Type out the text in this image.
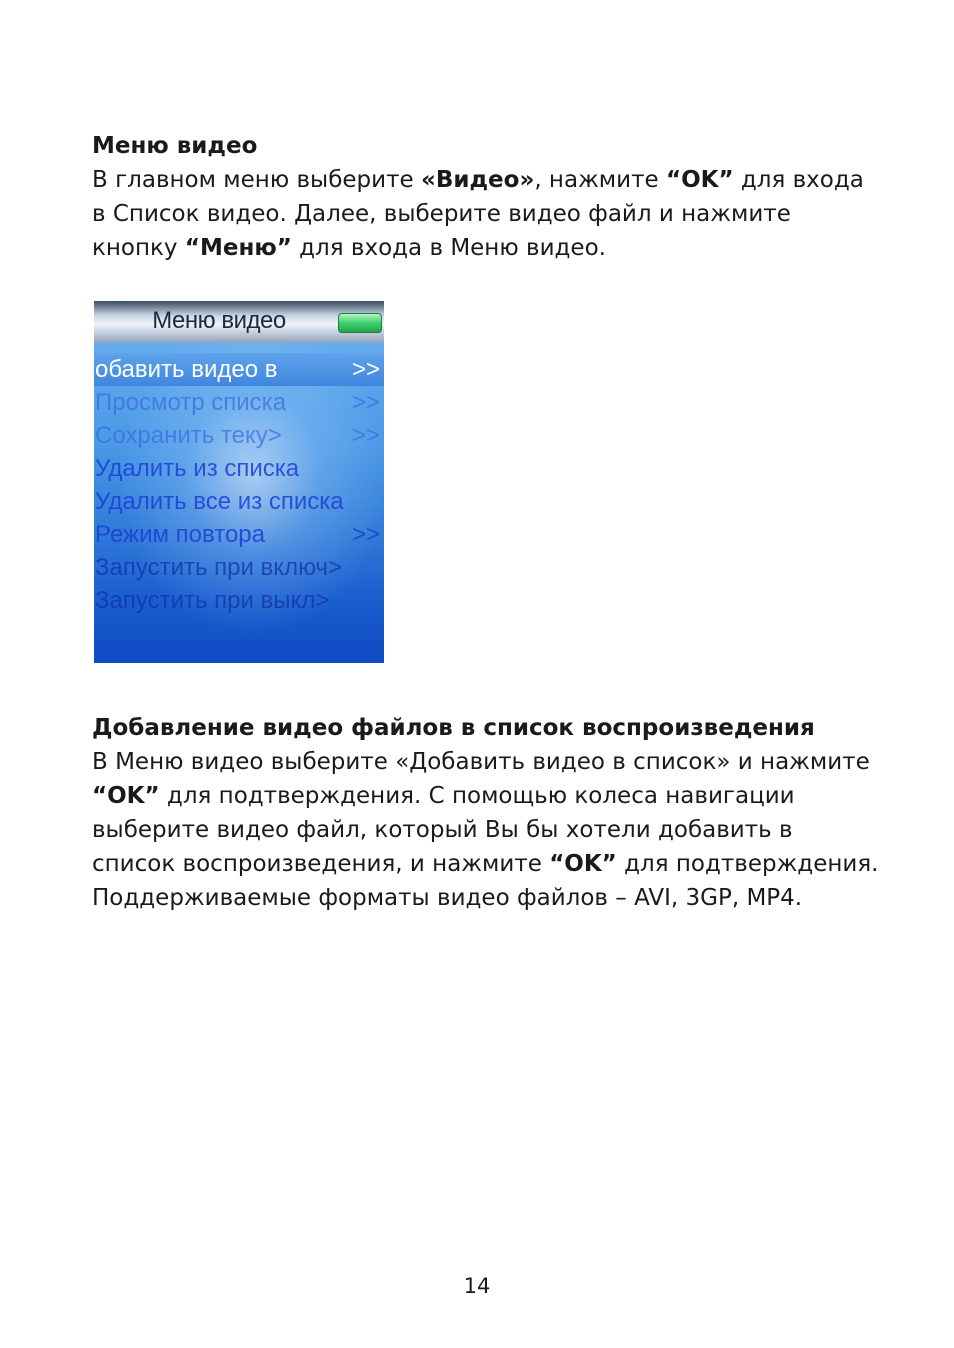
Меню видео

В главном меню выберите «Видео», нажмите “OK” для входа в Список видео. Далее, выберите видео файл и нажмите кнопку “Меню” для входа в Меню видео.

Меню видео
обавить видео в	>>
Просмотр списка	>>
Сохранить теку>	>>
Удалить из списка
Удалить все из списка
Режим повтора	>>
Запустить при включ>
Запустить при выкл>

Добавление видео файлов в список воспроизведения

В Меню видео выберите «Добавить видео в список» и нажмите “OK” для подтверждения. С помощью колеса навигации выберите видео файл, который Вы бы хотели добавить в список воспроизведения, и нажмите “OK” для подтверждения. Поддерживаемые форматы видео файлов – AVI, 3GP, MP4.

14
